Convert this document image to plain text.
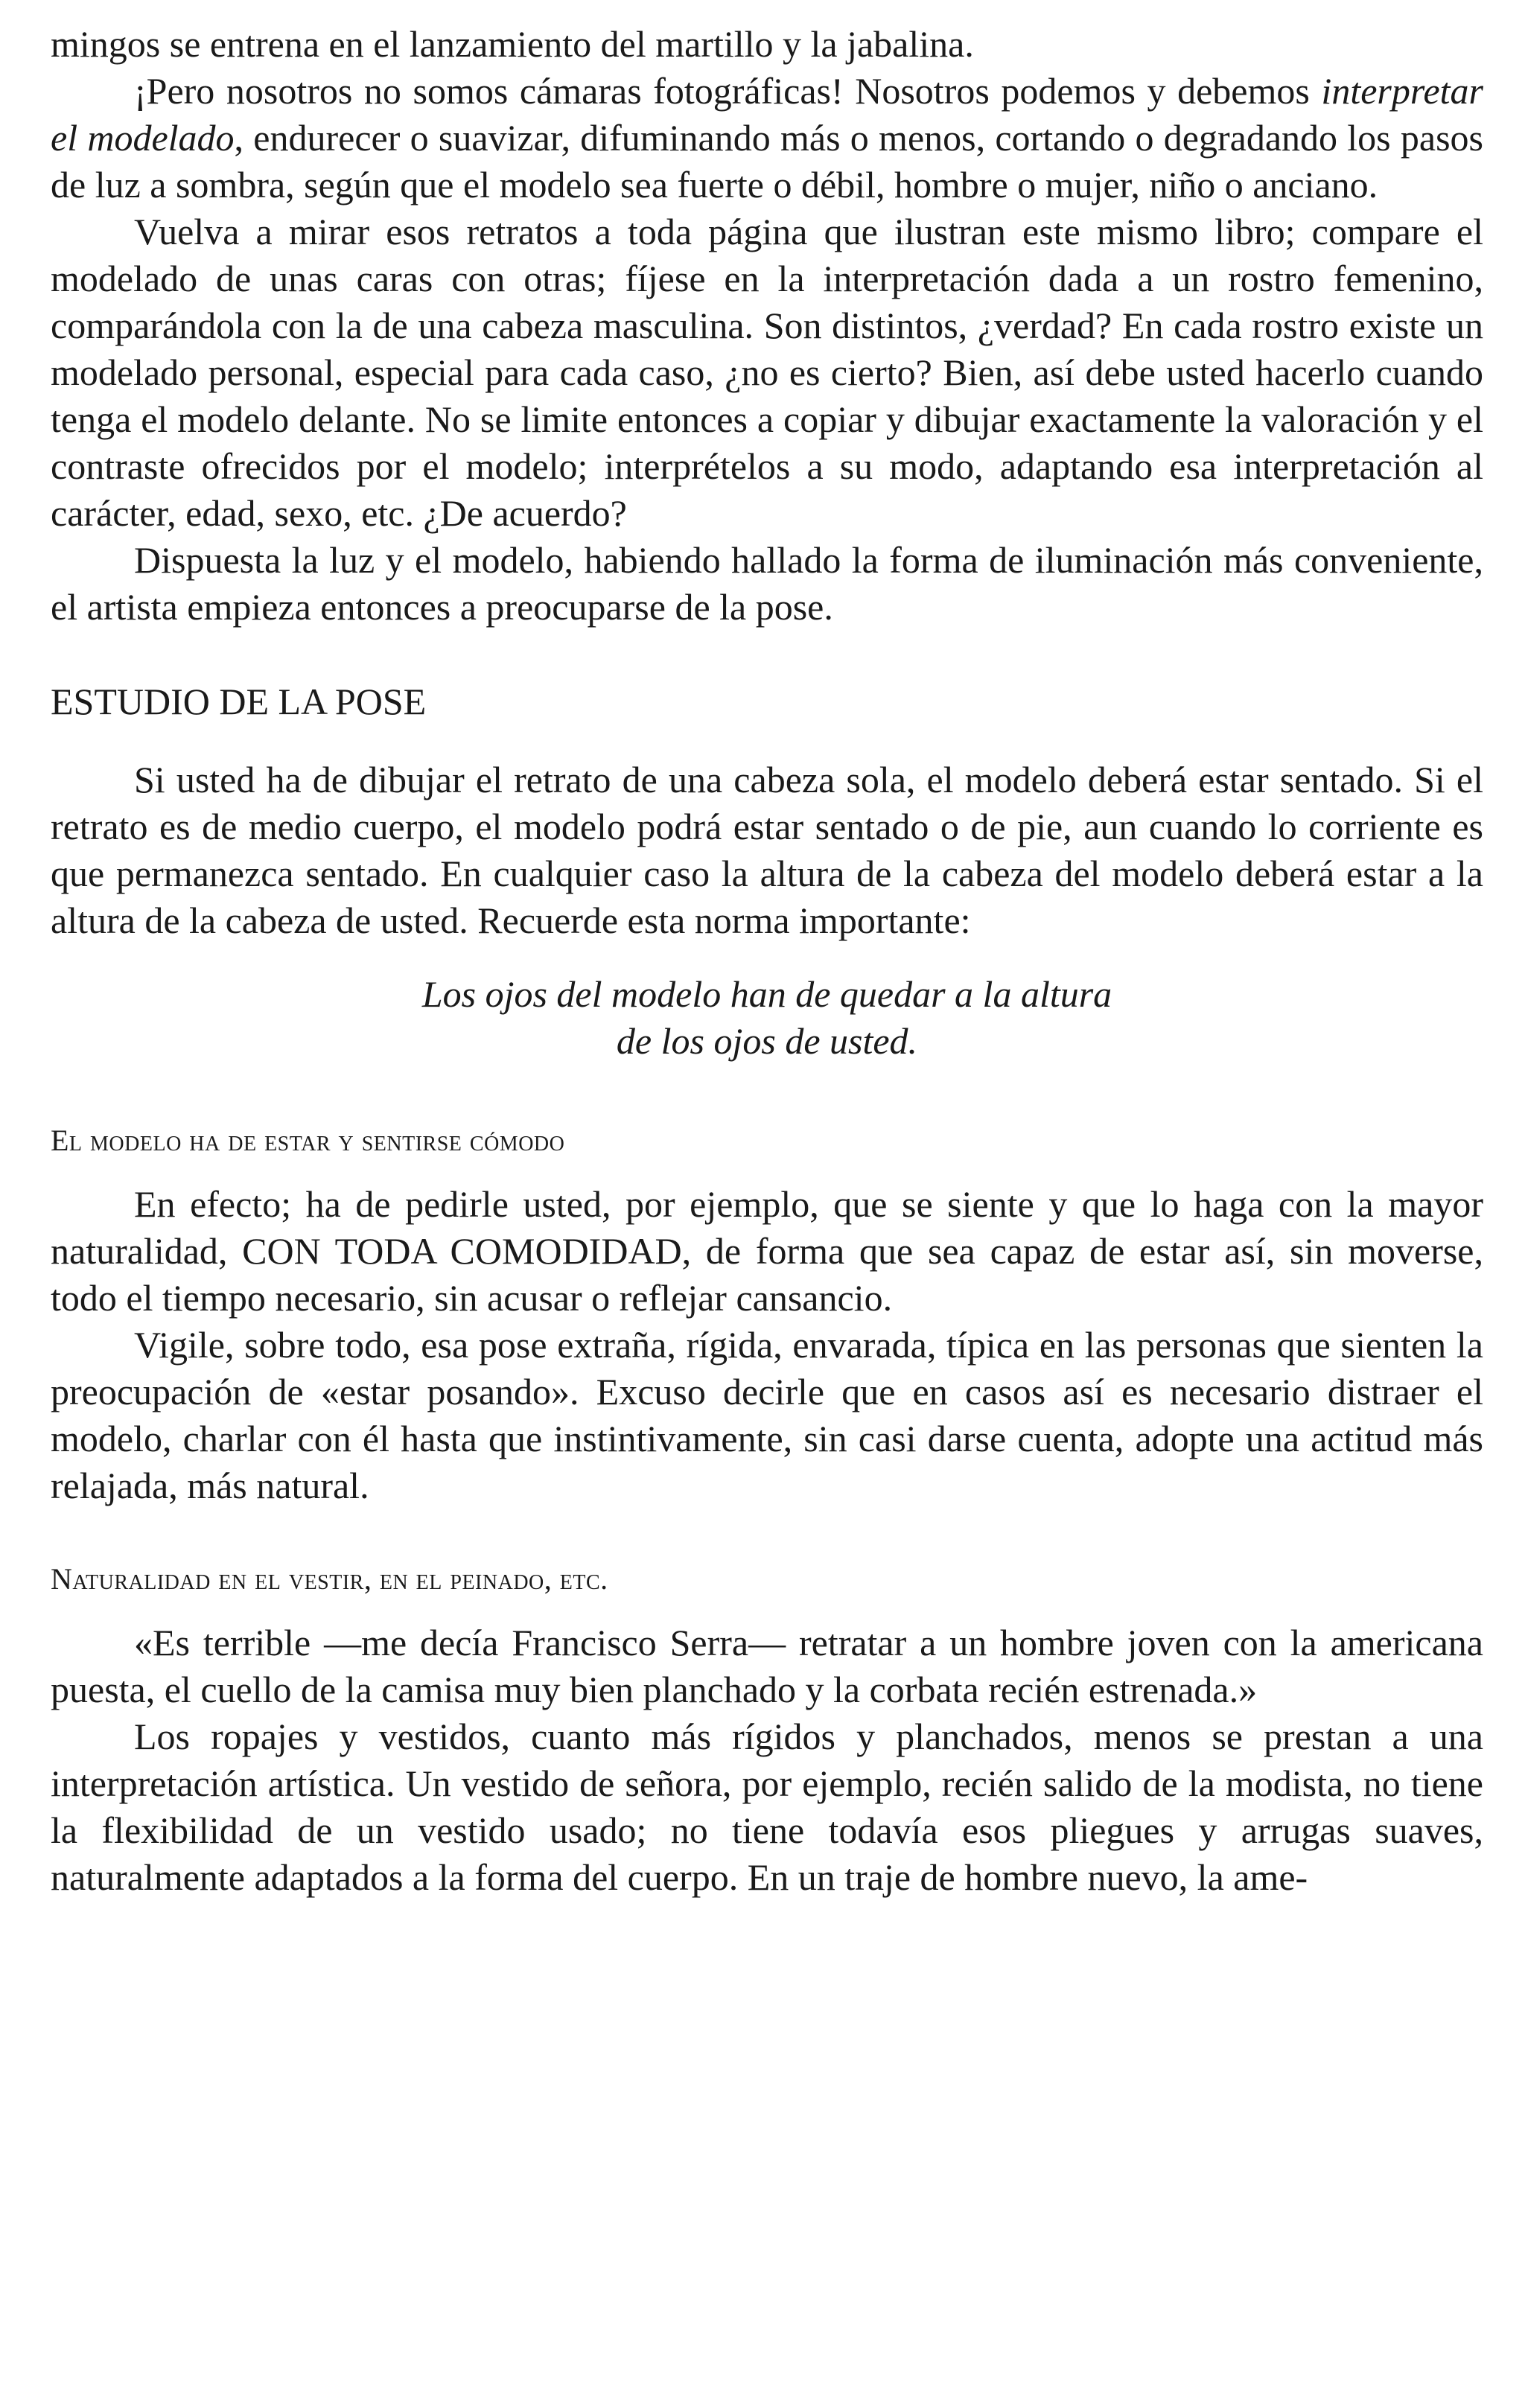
mingos se entrena en el lanzamiento del martillo y la jabalina.

¡Pero nosotros no somos cámaras fotográficas! Nosotros podemos y debemos interpretar el modelado, endurecer o suavizar, difuminando más o menos, cortando o degradando los pasos de luz a sombra, según que el modelo sea fuerte o débil, hombre o mujer, niño o anciano.

Vuelva a mirar esos retratos a toda página que ilustran este mismo libro; compare el modelado de unas caras con otras; fíjese en la interpretación dada a un rostro femenino, comparándola con la de una cabeza masculina. Son distintos, ¿verdad? En cada rostro existe un modelado personal, especial para cada caso, ¿no es cierto? Bien, así debe usted hacerlo cuando tenga el modelo delante. No se limite entonces a copiar y dibujar exactamente la valoración y el contraste ofrecidos por el modelo; interprételos a su modo, adaptando esa interpretación al carácter, edad, sexo, etc. ¿De acuerdo?

Dispuesta la luz y el modelo, habiendo hallado la forma de iluminación más conveniente, el artista empieza entonces a preocuparse de la pose.

ESTUDIO DE LA POSE

Si usted ha de dibujar el retrato de una cabeza sola, el modelo deberá estar sentado. Si el retrato es de medio cuerpo, el modelo podrá estar sentado o de pie, aun cuando lo corriente es que permanezca sentado. En cualquier caso la altura de la cabeza del modelo deberá estar a la altura de la cabeza de usted. Recuerde esta norma importante:

Los ojos del modelo han de quedar a la altura
de los ojos de usted.
El modelo ha de estar y sentirse cómodo

En efecto; ha de pedirle usted, por ejemplo, que se siente y que lo haga con la mayor naturalidad, CON TODA COMODIDAD, de forma que sea capaz de estar así, sin moverse, todo el tiempo necesario, sin acusar o reflejar cansancio.

Vigile, sobre todo, esa pose extraña, rígida, envarada, típica en las personas que sienten la preocupación de «estar posando». Excuso decirle que en casos así es necesario distraer el modelo, charlar con él hasta que instintivamente, sin casi darse cuenta, adopte una actitud más relajada, más natural.

Naturalidad en el vestir, en el peinado, etc.

«Es terrible —me decía Francisco Serra— retratar a un hombre joven con la americana puesta, el cuello de la camisa muy bien planchado y la corbata recién estrenada.»

Los ropajes y vestidos, cuanto más rígidos y planchados, menos se prestan a una interpretación artística. Un vestido de señora, por ejemplo, recién salido de la modista, no tiene la flexibilidad de un vestido usado; no tiene todavía esos pliegues y arrugas suaves, naturalmente adaptados a la forma del cuerpo. En un traje de hombre nuevo, la ame-
